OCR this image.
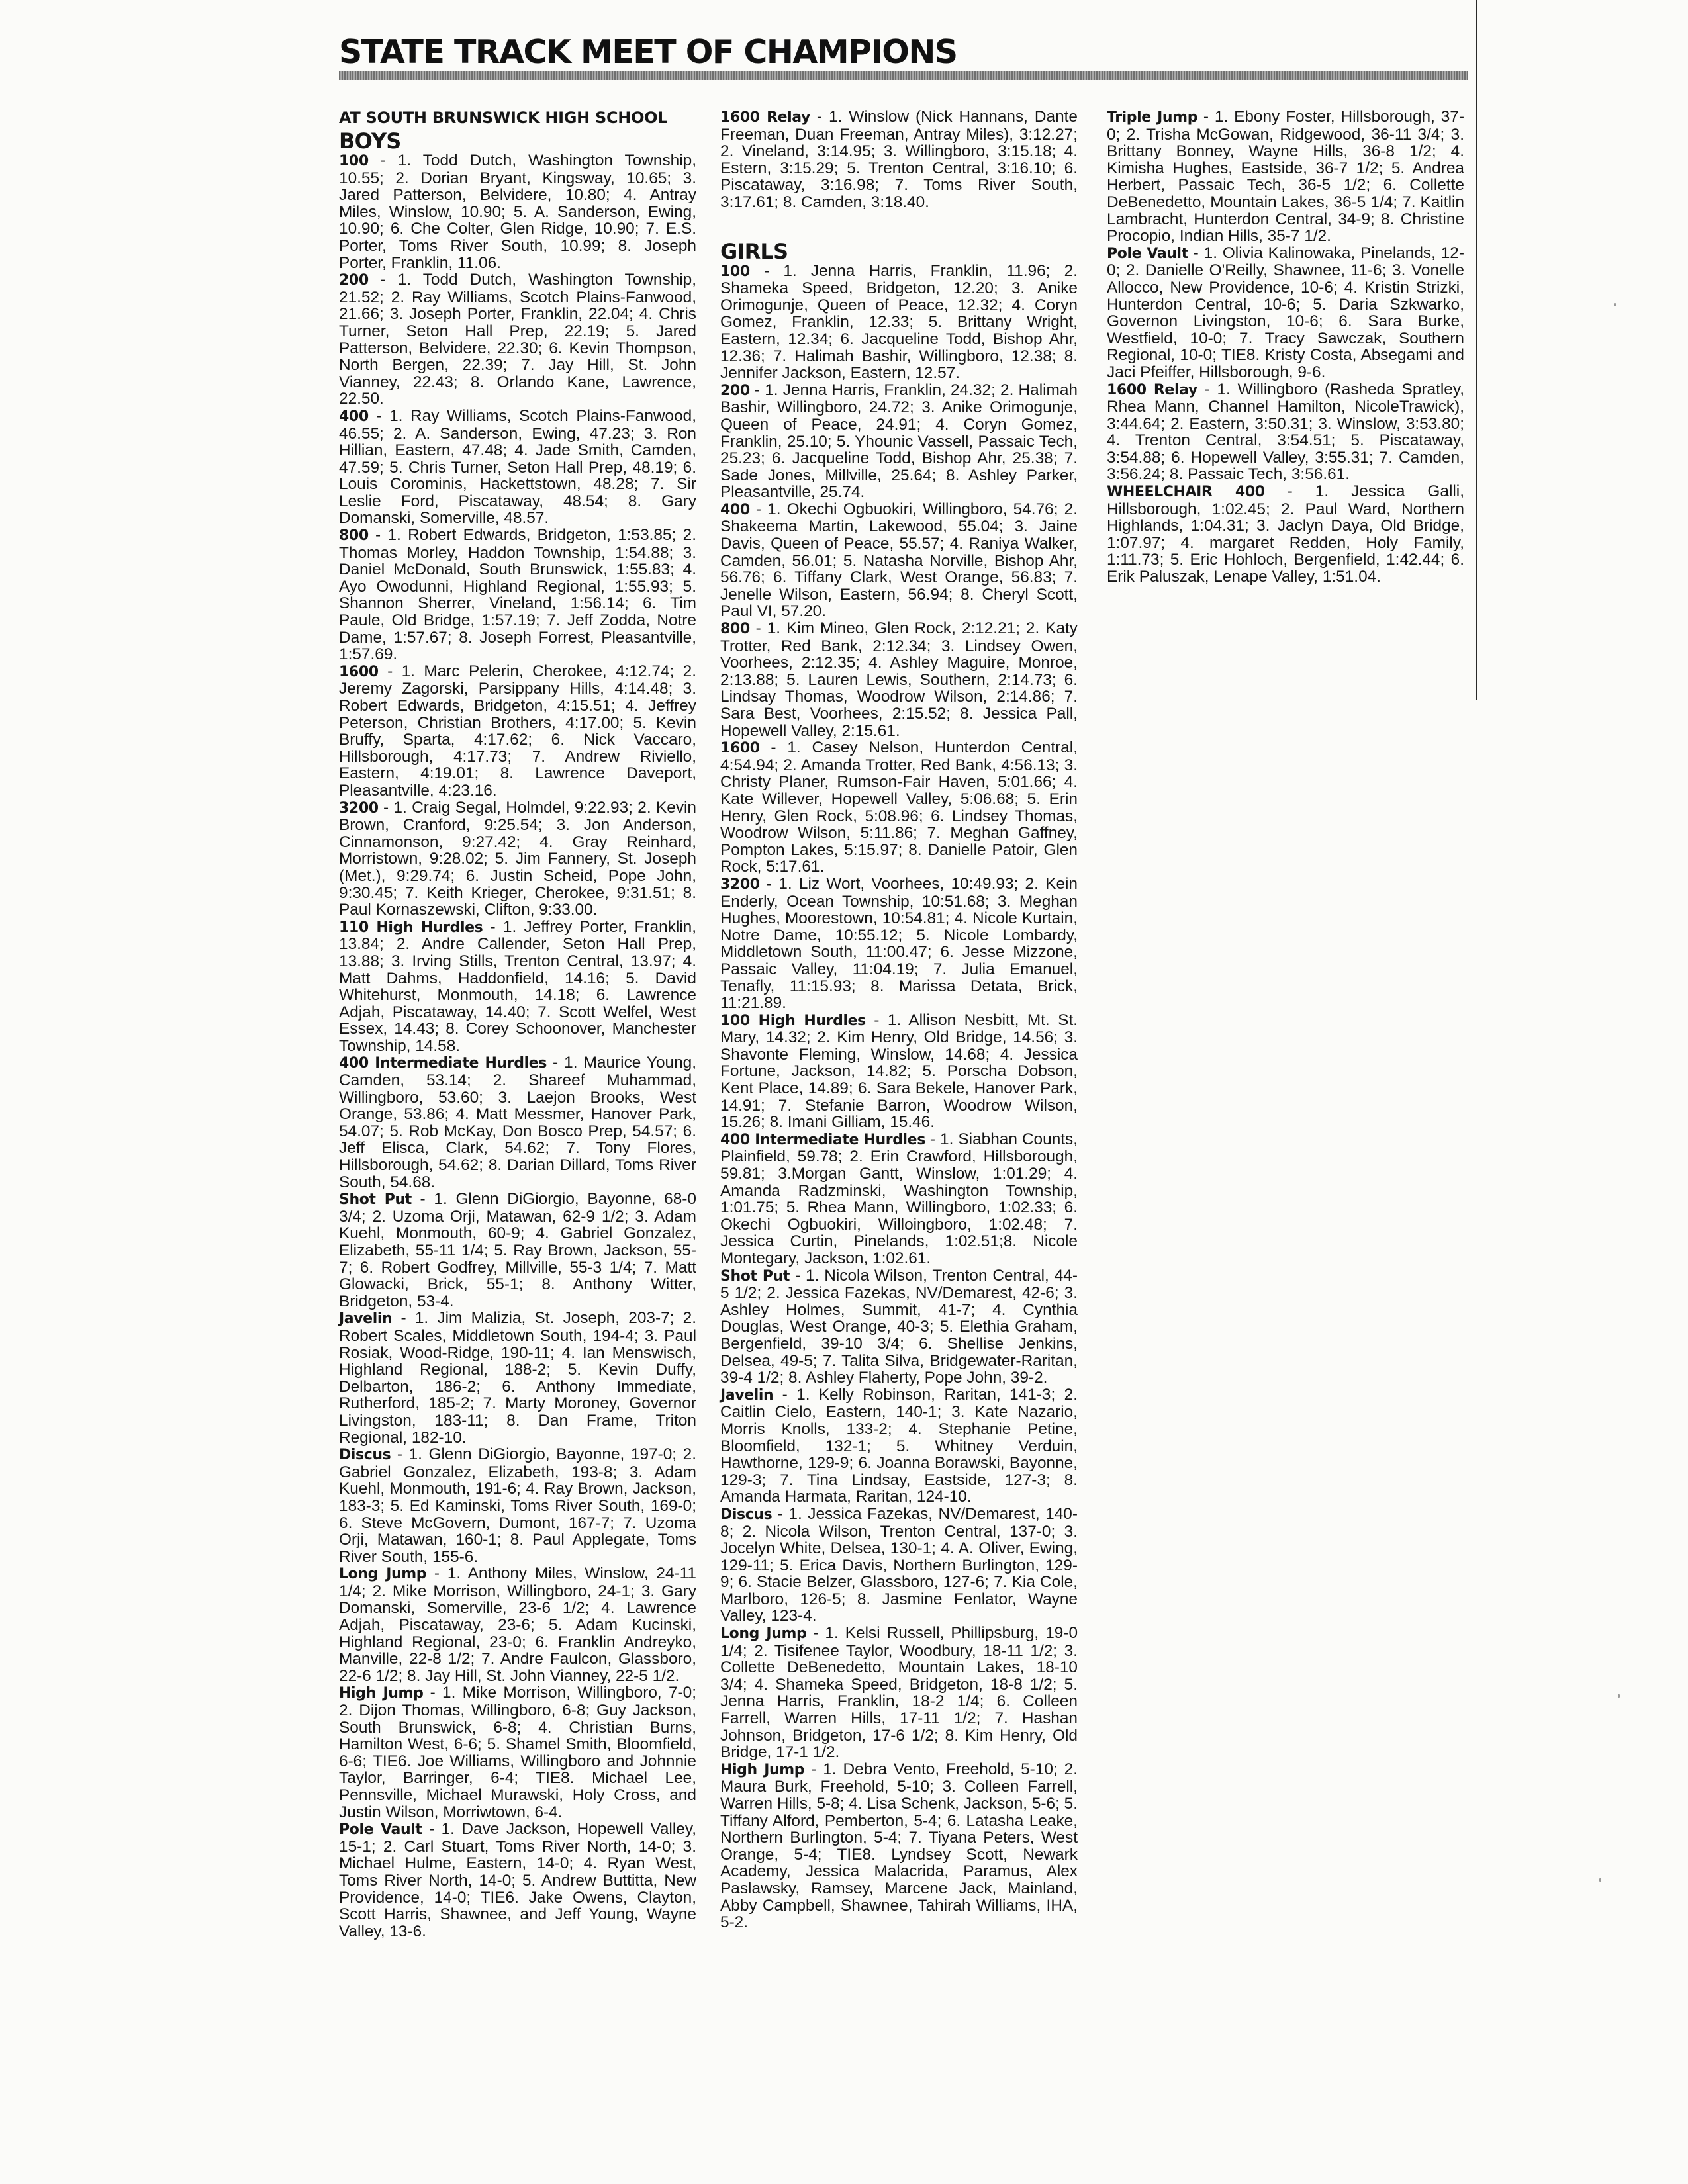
STATE TRACK MEET OF CHAMPIONS
AT SOUTH BRUNSWICK HIGH SCHOOL
BOYS

100 - 1. Todd Dutch, Washington Township, 10.55; 2. Dorian Bryant, Kingsway, 10.65; 3. Jared Patterson, Belvidere, 10.80; 4. Antray Miles, Winslow, 10.90; 5. A. Sanderson, Ewing, 10.90; 6. Che Colter, Glen Ridge, 10.90; 7. E.S. Porter, Toms River South, 10.99; 8. Joseph Porter, Franklin, 11.06.

200 - 1. Todd Dutch, Washington Township, 21.52; 2. Ray Williams, Scotch Plains-Fanwood, 21.66; 3. Joseph Porter, Franklin, 22.04; 4. Chris Turner, Seton Hall Prep, 22.19; 5. Jared Patterson, Belvidere, 22.30; 6. Kevin Thompson, North Bergen, 22.39; 7. Jay Hill, St. John Vianney, 22.43; 8. Orlando Kane, Lawrence, 22.50.

400 - 1. Ray Williams, Scotch Plains-Fanwood, 46.55; 2. A. Sanderson, Ewing, 47.23; 3. Ron Hillian, Eastern, 47.48; 4. Jade Smith, Camden, 47.59; 5. Chris Turner, Seton Hall Prep, 48.19; 6. Louis Corominis, Hackettstown, 48.28; 7. Sir Leslie Ford, Piscataway, 48.54; 8. Gary Domanski, Somerville, 48.57.

800 - 1. Robert Edwards, Bridgeton, 1:53.85; 2. Thomas Morley, Haddon Township, 1:54.88; 3. Daniel McDonald, South Brunswick, 1:55.83; 4. Ayo Owodunni, Highland Regional, 1:55.93; 5. Shannon Sherrer, Vineland, 1:56.14; 6. Tim Paule, Old Bridge, 1:57.19; 7. Jeff Zodda, Notre Dame, 1:57.67; 8. Joseph Forrest, Pleasantville, 1:57.69.

1600 - 1. Marc Pelerin, Cherokee, 4:12.74; 2. Jeremy Zagorski, Parsippany Hills, 4:14.48; 3. Robert Edwards, Bridgeton, 4:15.51; 4. Jeffrey Peterson, Christian Brothers, 4:17.00; 5. Kevin Bruffy, Sparta, 4:17.62; 6. Nick Vaccaro, Hillsborough, 4:17.73; 7. Andrew Riviello, Eastern, 4:19.01; 8. Lawrence Daveport, Pleasantville, 4:23.16.

3200 - 1. Craig Segal, Holmdel, 9:22.93; 2. Kevin Brown, Cranford, 9:25.54; 3. Jon Anderson, Cinnamonson, 9:27.42; 4. Gray Reinhard, Morristown, 9:28.02; 5. Jim Fannery, St. Joseph (Met.), 9:29.74; 6. Justin Scheid, Pope John, 9:30.45; 7. Keith Krieger, Cherokee, 9:31.51; 8. Paul Kornaszewski, Clifton, 9:33.00.

110 High Hurdles - 1. Jeffrey Porter, Franklin, 13.84; 2. Andre Callender, Seton Hall Prep, 13.88; 3. Irving Stills, Trenton Central, 13.97; 4. Matt Dahms, Haddonfield, 14.16; 5. David Whitehurst, Monmouth, 14.18; 6. Lawrence Adjah, Piscataway, 14.40; 7. Scott Welfel, West Essex, 14.43; 8. Corey Schoonover, Manchester Township, 14.58.

400 Intermediate Hurdles - 1. Maurice Young, Camden, 53.14; 2. Shareef Muhammad, Willingboro, 53.60; 3. Laejon Brooks, West Orange, 53.86; 4. Matt Messmer, Hanover Park, 54.07; 5. Rob McKay, Don Bosco Prep, 54.57; 6. Jeff Elisca, Clark, 54.62; 7. Tony Flores, Hillsborough, 54.62; 8. Darian Dillard, Toms River South, 54.68.

Shot Put - 1. Glenn DiGiorgio, Bayonne, 68-0 3/4; 2. Uzoma Orji, Matawan, 62-9 1/2; 3. Adam Kuehl, Monmouth, 60-9; 4. Gabriel Gonzalez, Elizabeth, 55-11 1/4; 5. Ray Brown, Jackson, 55-7; 6. Robert Godfrey, Millville, 55-3 1/4; 7. Matt Glowacki, Brick, 55-1; 8. Anthony Witter, Bridgeton, 53-4.

Javelin - 1. Jim Malizia, St. Joseph, 203-7; 2. Robert Scales, Middletown South, 194-4; 3. Paul Rosiak, Wood-Ridge, 190-11; 4. Ian Menswisch, Highland Regional, 188-2; 5. Kevin Duffy, Delbarton, 186-2; 6. Anthony Immediate, Rutherford, 185-2; 7. Marty Moroney, Governor Livingston, 183-11; 8. Dan Frame, Triton Regional, 182-10.

Discus - 1. Glenn DiGiorgio, Bayonne, 197-0; 2. Gabriel Gonzalez, Elizabeth, 193-8; 3. Adam Kuehl, Monmouth, 191-6; 4. Ray Brown, Jackson, 183-3; 5. Ed Kaminski, Toms River South, 169-0; 6. Steve McGovern, Dumont, 167-7; 7. Uzoma Orji, Matawan, 160-1; 8. Paul Applegate, Toms River South, 155-6.

Long Jump - 1. Anthony Miles, Winslow, 24-11 1/4; 2. Mike Morrison, Willingboro, 24-1; 3. Gary Domanski, Somerville, 23-6 1/2; 4. Lawrence Adjah, Piscataway, 23-6; 5. Adam Kucinski, Highland Regional, 23-0; 6. Franklin Andreyko, Manville, 22-8 1/2; 7. Andre Faulcon, Glassboro, 22-6 1/2; 8. Jay Hill, St. John Vianney, 22-5 1/2.

High Jump - 1. Mike Morrison, Willingboro, 7-0; 2. Dijon Thomas, Willingboro, 6-8; Guy Jackson, South Brunswick, 6-8; 4. Christian Burns, Hamilton West, 6-6; 5. Shamel Smith, Bloomfield, 6-6; TIE6. Joe Williams, Willingboro and Johnnie Taylor, Barringer, 6-4; TIE8. Michael Lee, Pennsville, Michael Murawski, Holy Cross, and Justin Wilson, Morriwtown, 6-4.

Pole Vault - 1. Dave Jackson, Hopewell Valley, 15-1; 2. Carl Stuart, Toms River North, 14-0; 3. Michael Hulme, Eastern, 14-0; 4. Ryan West, Toms River North, 14-0; 5. Andrew Buttitta, New Providence, 14-0; TIE6. Jake Owens, Clayton, Scott Harris, Shawnee, and Jeff Young, Wayne Valley, 13-6.

1600 Relay - 1. Winslow (Nick Hannans, Dante Freeman, Duan Freeman, Antray Miles), 3:12.27; 2. Vineland, 3:14.95; 3. Willingboro, 3:15.18; 4. Estern, 3:15.29; 5. Trenton Central, 3:16.10; 6. Piscataway, 3:16.98; 7. Toms River South, 3:17.61; 8. Camden, 3:18.40.

GIRLS

100 - 1. Jenna Harris, Franklin, 11.96; 2. Shameka Speed, Bridgeton, 12.20; 3. Anike Orimogunje, Queen of Peace, 12.32; 4. Coryn Gomez, Franklin, 12.33; 5. Brittany Wright, Eastern, 12.34; 6. Jacqueline Todd, Bishop Ahr, 12.36; 7. Halimah Bashir, Willingboro, 12.38; 8. Jennifer Jackson, Eastern, 12.57.

200 - 1. Jenna Harris, Franklin, 24.32; 2. Halimah Bashir, Willingboro, 24.72; 3. Anike Orimogunje, Queen of Peace, 24.91; 4. Coryn Gomez, Franklin, 25.10; 5. Yhounic Vassell, Passaic Tech, 25.23; 6. Jacqueline Todd, Bishop Ahr, 25.38; 7. Sade Jones, Millville, 25.64; 8. Ashley Parker, Pleasantville, 25.74.

400 - 1. Okechi Ogbuokiri, Willingboro, 54.76; 2. Shakeema Martin, Lakewood, 55.04; 3. Jaine Davis, Queen of Peace, 55.57; 4. Raniya Walker, Camden, 56.01; 5. Natasha Norville, Bishop Ahr, 56.76; 6. Tiffany Clark, West Orange, 56.83; 7. Jenelle Wilson, Eastern, 56.94; 8. Cheryl Scott, Paul VI, 57.20.

800 - 1. Kim Mineo, Glen Rock, 2:12.21; 2. Katy Trotter, Red Bank, 2:12.34; 3. Lindsey Owen, Voorhees, 2:12.35; 4. Ashley Maguire, Monroe, 2:13.88; 5. Lauren Lewis, Southern, 2:14.73; 6. Lindsay Thomas, Woodrow Wilson, 2:14.86; 7. Sara Best, Voorhees, 2:15.52; 8. Jessica Pall, Hopewell Valley, 2:15.61.

1600 - 1. Casey Nelson, Hunterdon Central, 4:54.94; 2. Amanda Trotter, Red Bank, 4:56.13; 3. Christy Planer, Rumson-Fair Haven, 5:01.66; 4. Kate Willever, Hopewell Valley, 5:06.68; 5. Erin Henry, Glen Rock, 5:08.96; 6. Lindsey Thomas, Woodrow Wilson, 5:11.86; 7. Meghan Gaffney, Pompton Lakes, 5:15.97; 8. Danielle Patoir, Glen Rock, 5:17.61.

3200 - 1. Liz Wort, Voorhees, 10:49.93; 2. Kein Enderly, Ocean Township, 10:51.68; 3. Meghan Hughes, Moorestown, 10:54.81; 4. Nicole Kurtain, Notre Dame, 10:55.12; 5. Nicole Lombardy, Middletown South, 11:00.47; 6. Jesse Mizzone, Passaic Valley, 11:04.19; 7. Julia Emanuel, Tenafly, 11:15.93; 8. Marissa Detata, Brick, 11:21.89.

100 High Hurdles - 1. Allison Nesbitt, Mt. St. Mary, 14.32; 2. Kim Henry, Old Bridge, 14.56; 3. Shavonte Fleming, Winslow, 14.68; 4. Jessica Fortune, Jackson, 14.82; 5. Porscha Dobson, Kent Place, 14.89; 6. Sara Bekele, Hanover Park, 14.91; 7. Stefanie Barron, Woodrow Wilson, 15.26; 8. Imani Gilliam, 15.46.

400 Intermediate Hurdles - 1. Siabhan Counts, Plainfield, 59.78; 2. Erin Crawford, Hillsborough, 59.81; 3.Morgan Gantt, Winslow, 1:01.29; 4. Amanda Radzminski, Washington Township, 1:01.75; 5. Rhea Mann, Willingboro, 1:02.33; 6. Okechi Ogbuokiri, Willoingboro, 1:02.48; 7. Jessica Curtin, Pinelands, 1:02.51;8. Nicole Montegary, Jackson, 1:02.61.

Shot Put - 1. Nicola Wilson, Trenton Central, 44-5 1/2; 2. Jessica Fazekas, NV/Demarest, 42-6; 3. Ashley Holmes, Summit, 41-7; 4. Cynthia Douglas, West Orange, 40-3; 5. Elethia Graham, Bergenfield, 39-10 3/4; 6. Shellise Jenkins, Delsea, 49-5; 7. Talita Silva, Bridgewater-Raritan, 39-4 1/2; 8. Ashley Flaherty, Pope John, 39-2.

Javelin - 1. Kelly Robinson, Raritan, 141-3; 2. Caitlin Cielo, Eastern, 140-1; 3. Kate Nazario, Morris Knolls, 133-2; 4. Stephanie Petine, Bloomfield, 132-1; 5. Whitney Verduin, Hawthorne, 129-9; 6. Joanna Borawski, Bayonne, 129-3; 7. Tina Lindsay, Eastside, 127-3; 8. Amanda Harmata, Raritan, 124-10.

Discus - 1. Jessica Fazekas, NV/Demarest, 140-8; 2. Nicola Wilson, Trenton Central, 137-0; 3. Jocelyn White, Delsea, 130-1; 4. A. Oliver, Ewing, 129-11; 5. Erica Davis, Northern Burlington, 129-9; 6. Stacie Belzer, Glassboro, 127-6; 7. Kia Cole, Marlboro, 126-5; 8. Jasmine Fenlator, Wayne Valley, 123-4.

Long Jump - 1. Kelsi Russell, Phillipsburg, 19-0 1/4; 2. Tisifenee Taylor, Woodbury, 18-11 1/2; 3. Collette DeBenedetto, Mountain Lakes, 18-10 3/4; 4. Shameka Speed, Bridgeton, 18-8 1/2; 5. Jenna Harris, Franklin, 18-2 1/4; 6. Colleen Farrell, Warren Hills, 17-11 1/2; 7. Hashan Johnson, Bridgeton, 17-6 1/2; 8. Kim Henry, Old Bridge, 17-1 1/2.

High Jump - 1. Debra Vento, Freehold, 5-10; 2. Maura Burk, Freehold, 5-10; 3. Colleen Farrell, Warren Hills, 5-8; 4. Lisa Schenk, Jackson, 5-6; 5. Tiffany Alford, Pemberton, 5-4; 6. Latasha Leake, Northern Burlington, 5-4; 7. Tiyana Peters, West Orange, 5-4; TIE8. Lyndsey Scott, Newark Academy, Jessica Malacrida, Paramus, Alex Paslawsky, Ramsey, Marcene Jack, Mainland, Abby Campbell, Shawnee, Tahirah Williams, IHA, 5-2.

Triple Jump - 1. Ebony Foster, Hillsborough, 37-0; 2. Trisha McGowan, Ridgewood, 36-11 3/4; 3. Brittany Bonney, Wayne Hills, 36-8 1/2; 4. Kimisha Hughes, Eastside, 36-7 1/2; 5. Andrea Herbert, Passaic Tech, 36-5 1/2; 6. Collette DeBenedetto, Mountain Lakes, 36-5 1/4; 7. Kaitlin Lambracht, Hunterdon Central, 34-9; 8. Christine Procopio, Indian Hills, 35-7 1/2.

Pole Vault - 1. Olivia Kalinowaka, Pinelands, 12-0; 2. Danielle O'Reilly, Shawnee, 11-6; 3. Vonelle Allocco, New Providence, 10-6; 4. Kristin Strizki, Hunterdon Central, 10-6; 5. Daria Szkwarko, Governon Livingston, 10-6; 6. Sara Burke, Westfield, 10-0; 7. Tracy Sawczak, Southern Regional, 10-0; TIE8. Kristy Costa, Absegami and Jaci Pfeiffer, Hillsborough, 9-6.

1600 Relay - 1. Willingboro (Rasheda Spratley, Rhea Mann, Channel Hamilton, NicoleTrawick), 3:44.64; 2. Eastern, 3:50.31; 3. Winslow, 3:53.80; 4. Trenton Central, 3:54.51; 5. Piscataway, 3:54.88; 6. Hopewell Valley, 3:55.31; 7. Camden, 3:56.24; 8. Passaic Tech, 3:56.61.

WHEELCHAIR 400 - 1. Jessica Galli, Hillsborough, 1:02.45; 2. Paul Ward, Northern Highlands, 1:04.31; 3. Jaclyn Daya, Old Bridge, 1:07.97; 4. margaret Redden, Holy Family, 1:11.73; 5. Eric Hohloch, Bergenfield, 1:42.44; 6. Erik Paluszak, Lenape Valley, 1:51.04.
